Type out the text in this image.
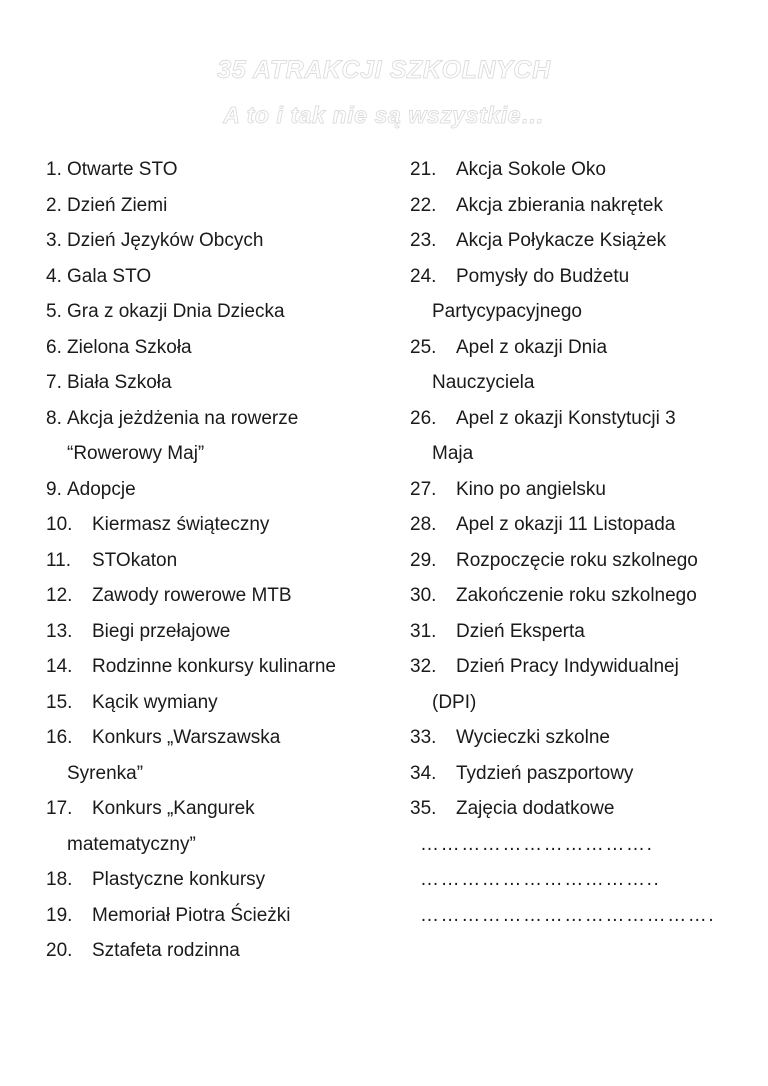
35 ATRAKCJI SZKOLNYCH
A to i tak nie są wszystkie…
1. Otwarte STO
2. Dzień Ziemi
3. Dzień Języków Obcych
4. Gala STO
5. Gra z okazji Dnia Dziecka
6. Zielona Szkoła
7. Biała Szkoła
8. Akcja jeżdżenia na rowerze
“Rowerowy Maj”
9. Adopcje
10.	Kiermasz świąteczny
11.	STOkaton
12.	Zawody rowerowe MTB
13.	Biegi przełajowe
14.	Rodzinne konkursy kulinarne
15.	Kącik wymiany
16.	Konkurs „Warszawska
Syrenka”
17.	Konkurs „Kangurek
matematyczny”
18.	Plastyczne konkursy
19.	Memoriał Piotra Ścieżki
20.	Sztafeta rodzinna
21.	Akcja Sokole Oko
22.	Akcja zbierania nakrętek
23.	Akcja Połykacze Książek
24.	Pomysły do Budżetu
Partycypacyjnego
25.	Apel z okazji Dnia
Nauczyciela
26.	Apel z okazji Konstytucji 3
Maja
27.	Kino po angielsku
28.	Apel z okazji 11 Listopada
29.	Rozpoczęcie roku szkolnego
30.	Zakończenie roku szkolnego
31.	Dzień Eksperta
32.	Dzień Pracy Indywidualnej
(DPI)
33.	Wycieczki szkolne
34.	Tydzień paszportowy
35.	Zajęcia dodatkowe
…………………………….
……………………………..
…………………………………….
